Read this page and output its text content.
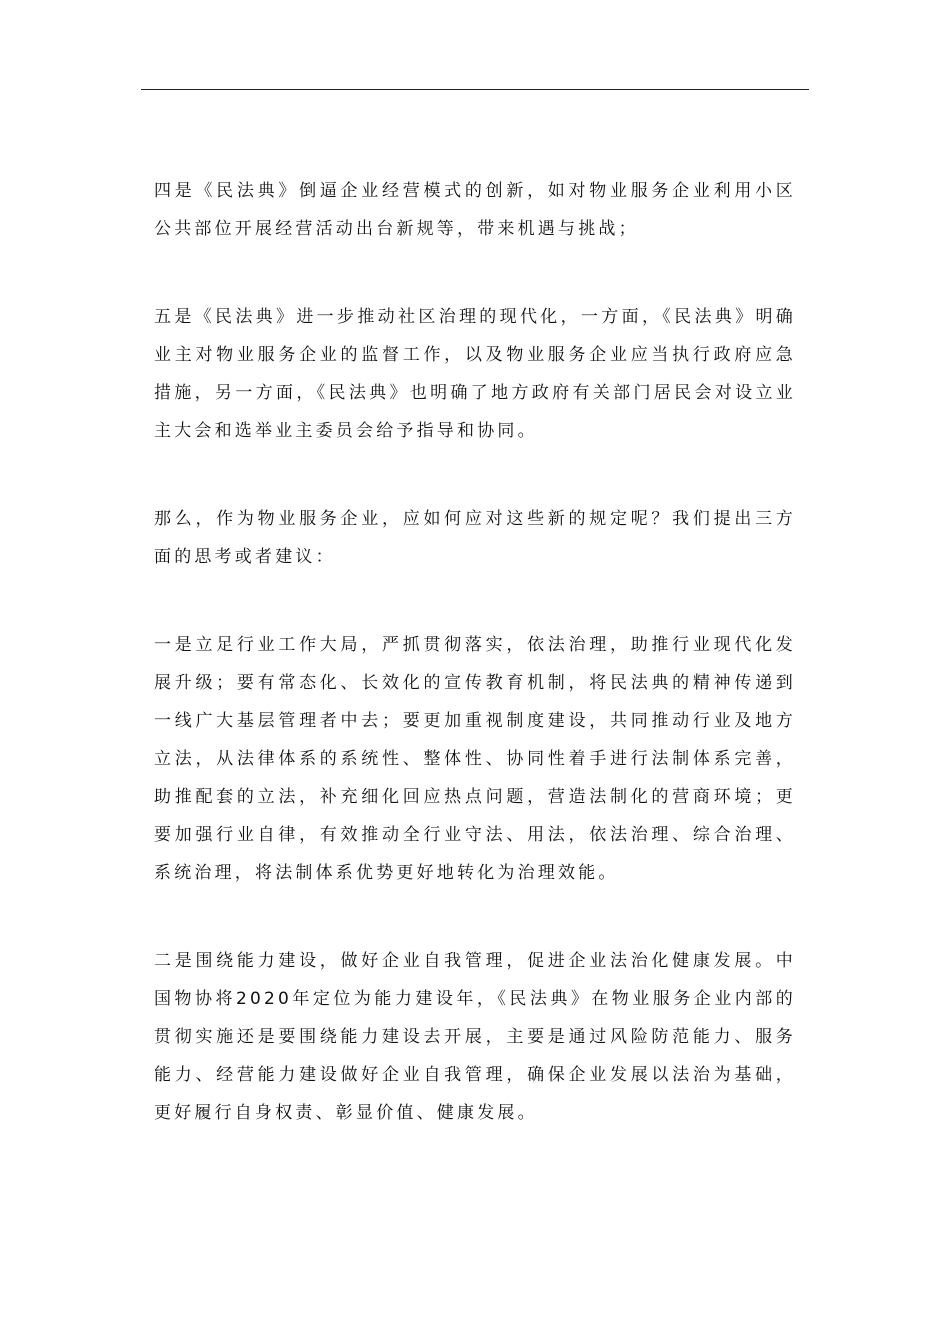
四是《民法典》倒逼企业经营模式的创新，如对物业服务企业利用小区公共部位开展经营活动出台新规等，带来机遇与挑战；

五是《民法典》进一步推动社区治理的现代化，一方面，《民法典》明确业主对物业服务企业的监督工作，以及物业服务企业应当执行政府应急措施，另一方面，《民法典》也明确了地方政府有关部门居民会对设立业主大会和选举业主委员会给予指导和协同。

那么，作为物业服务企业，应如何应对这些新的规定呢？我们提出三方面的思考或者建议：

一是立足行业工作大局，严抓贯彻落实，依法治理，助推行业现代化发展升级；要有常态化、长效化的宣传教育机制，将民法典的精神传递到一线广大基层管理者中去；要更加重视制度建设，共同推动行业及地方立法，从法律体系的系统性、整体性、协同性着手进行法制体系完善，助推配套的立法，补充细化回应热点问题，营造法制化的营商环境；更要加强行业自律，有效推动全行业守法、用法，依法治理、综合治理、系统治理，将法制体系优势更好地转化为治理效能。

二是围绕能力建设，做好企业自我管理，促进企业法治化健康发展。中国物协将2020年定位为能力建设年，《民法典》在物业服务企业内部的贯彻实施还是要围绕能力建设去开展，主要是通过风险防范能力、服务能力、经营能力建设做好企业自我管理，确保企业发展以法治为基础，更好履行自身权责、彰显价值、健康发展。
